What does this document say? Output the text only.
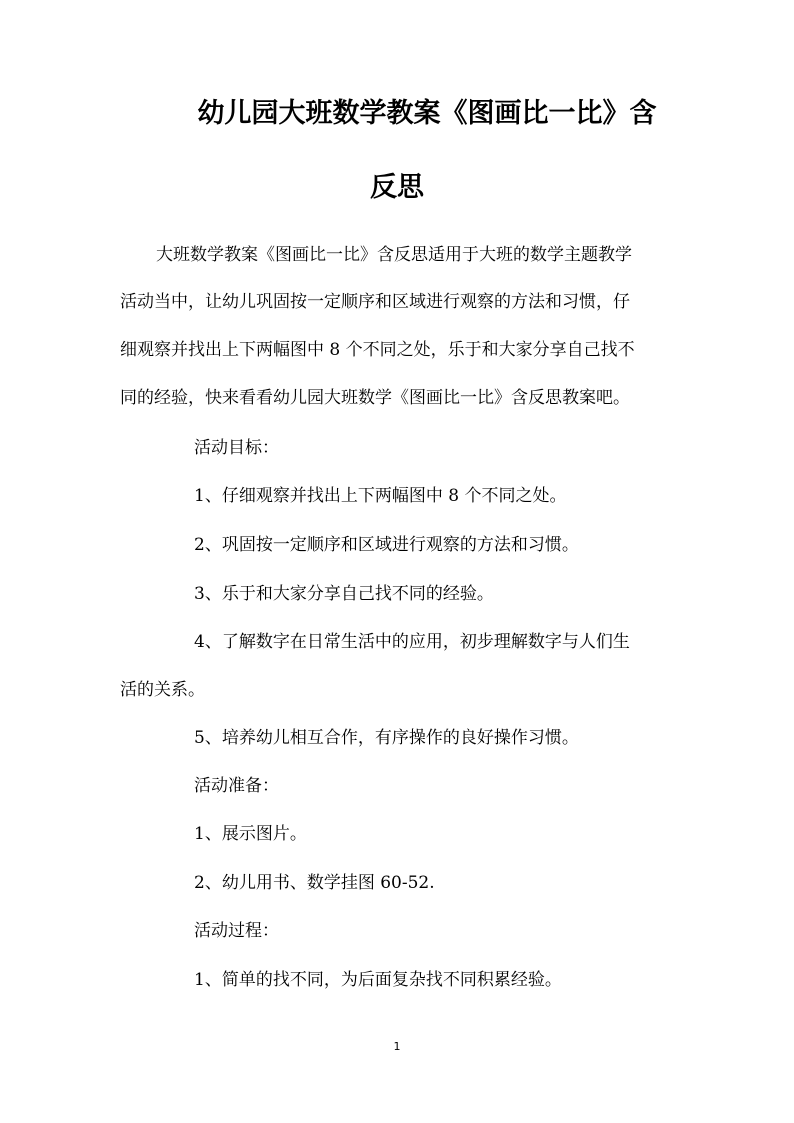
幼儿园大班数学教案《图画比一比》含
反思
大班数学教案《图画比一比》含反思适用于大班的数学主题教学
活动当中，让幼儿巩固按一定顺序和区域进行观察的方法和习惯，仔
细观察并找出上下两幅图中 8 个不同之处，乐于和大家分享自己找不
同的经验，快来看看幼儿园大班数学《图画比一比》含反思教案吧。
活动目标：
1、仔细观察并找出上下两幅图中 8 个不同之处。
2、巩固按一定顺序和区域进行观察的方法和习惯。
3、乐于和大家分享自己找不同的经验。
4、了解数字在日常生活中的应用，初步理解数字与人们生
活的关系。
5、培养幼儿相互合作，有序操作的良好操作习惯。
活动准备：
1、展示图片。
2、幼儿用书、数学挂图 60-52.
活动过程：
1、简单的找不同，为后面复杂找不同积累经验。
1
